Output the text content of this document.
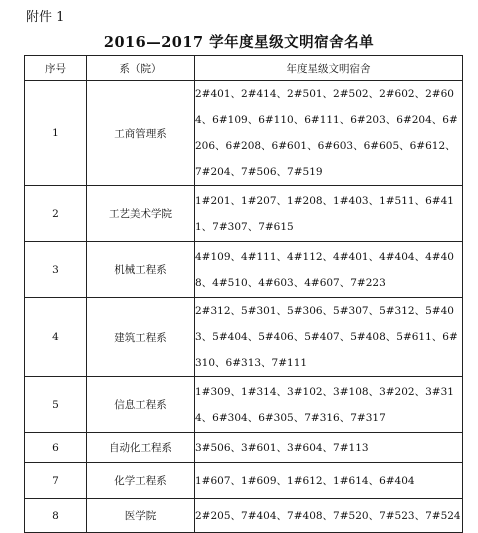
附件 1
2016—2017 学年度星级文明宿舍名单
序号	系（院）	年度星级文明宿舍
1	工商管理系	2#401、2#414、2#501、2#502、2#602、2#604、6#109、6#110、6#111、6#203、6#204、6#206、6#208、6#601、6#603、6#605、6#612、7#204、7#506、7#519
2	工艺美术学院	1#201、1#207、1#208、1#403、1#511、6#411、7#307、7#615
3	机械工程系	4#109、4#111、4#112、4#401、4#404、4#408、4#510、4#603、4#607、7#223
4	建筑工程系	2#312、5#301、5#306、5#307、5#312、5#403、5#404、5#406、5#407、5#408、5#611、6#310、6#313、7#111
5	信息工程系	1#309、1#314、3#102、3#108、3#202、3#314、6#304、6#305、7#316、7#317
6	自动化工程系	3#506、3#601、3#604、7#113
7	化学工程系	1#607、1#609、1#612、1#614、6#404
8	医学院	2#205、7#404、7#408、7#520、7#523、7#524
